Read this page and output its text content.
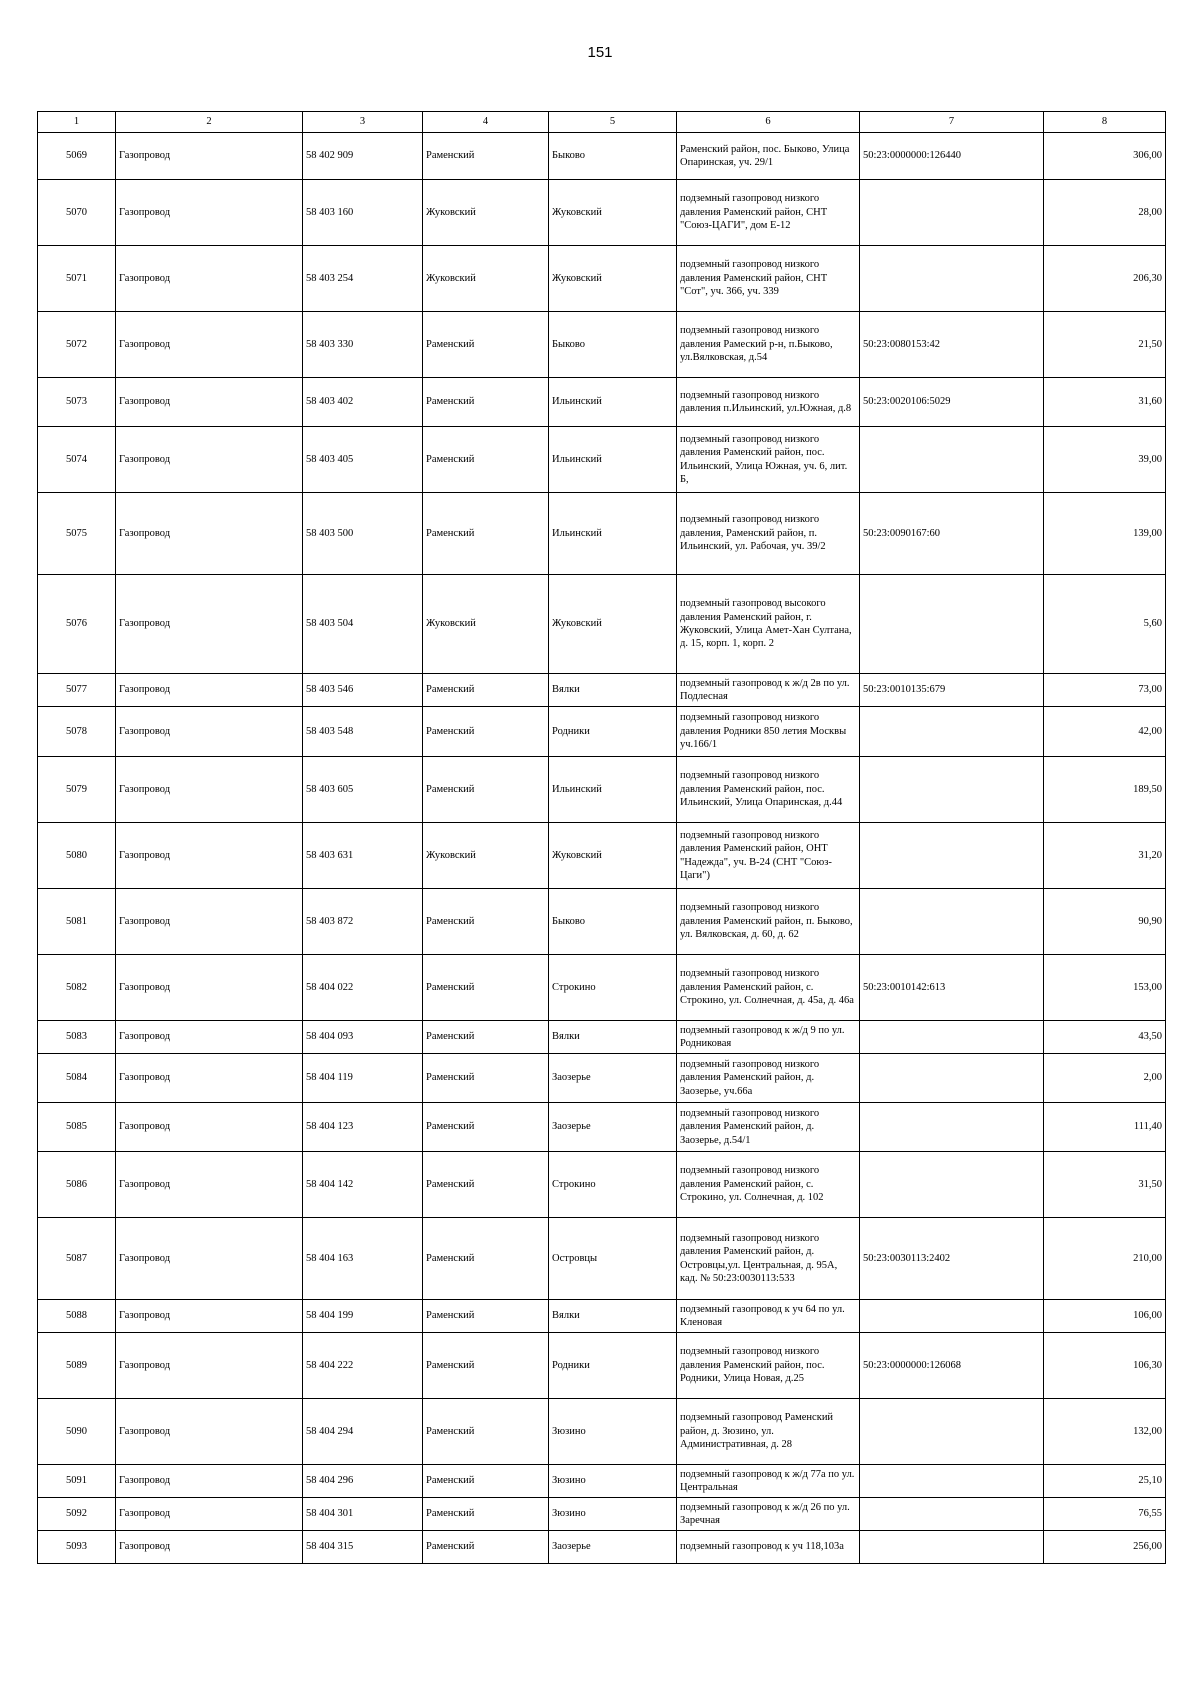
151
1	2	3	4	5	6	7	8
5069	Газопровод	58 402 909	Раменский	Быково	Раменский район, пос. Быково, Улица Опаринская, уч. 29/1	50:23:0000000:126440	306,00
5070	Газопровод	58 403 160	Жуковский	Жуковский	подземный газопровод низкого давления Раменский район, СНТ "Союз-ЦАГИ", дом Е-12		28,00
5071	Газопровод	58 403 254	Жуковский	Жуковский	подземный газопровод низкого давления Раменский район, СНТ "Сот", уч. 366, уч. 339		206,30
5072	Газопровод	58 403 330	Раменский	Быково	подземный газопровод низкого давления Рамеский р-н, п.Быково, ул.Вялковская, д.54	50:23:0080153:42	21,50
5073	Газопровод	58 403 402	Раменский	Ильинский	подземный газопровод низкого давления п.Ильинский, ул.Южная, д.8	50:23:0020106:5029	31,60
5074	Газопровод	58 403 405	Раменский	Ильинский	подземный газопровод низкого давления Раменский район, пос. Ильинский, Улица Южная, уч. 6, лит. Б,		39,00
5075	Газопровод	58 403 500	Раменский	Ильинский	подземный газопровод низкого давления, Раменский район, п. Ильинский, ул. Рабочая, уч. 39/2	50:23:0090167:60	139,00
5076	Газопровод	58 403 504	Жуковский	Жуковский	подземный газопровод высокого давления Раменский район, г. Жуковский, Улица Амет-Хан Султана, д. 15, корп. 1, корп. 2		5,60
5077	Газопровод	58 403 546	Раменский	Вялки	подземный газопровод к ж/д 2в по ул. Подлесная	50:23:0010135:679	73,00
5078	Газопровод	58 403 548	Раменский	Родники	подземный газопровод низкого давления Родники 850 летия Москвы уч.166/1		42,00
5079	Газопровод	58 403 605	Раменский	Ильинский	подземный газопровод низкого давления Раменский район, пос. Ильинский, Улица Опаринская, д.44		189,50
5080	Газопровод	58 403 631	Жуковский	Жуковский	подземный газопровод низкого давления Раменский район, ОНТ "Надежда", уч. В-24 (СНТ "Союз-Цаги")		31,20
5081	Газопровод	58 403 872	Раменский	Быково	подземный газопровод низкого давления Раменский район, п. Быково, ул. Вялковская, д. 60, д. 62		90,90
5082	Газопровод	58 404 022	Раменский	Строкино	подземный газопровод низкого давления Раменский район, с. Строкино, ул. Солнечная, д. 45а, д. 46а	50:23:0010142:613	153,00
5083	Газопровод	58 404 093	Раменский	Вялки	подземный газопровод к ж/д 9 по ул. Родниковая		43,50
5084	Газопровод	58 404 119	Раменский	Заозерье	подземный газопровод низкого давления Раменский район, д. Заозерье, уч.66а		2,00
5085	Газопровод	58 404 123	Раменский	Заозерье	подземный газопровод низкого давления Раменский район, д. Заозерье, д.54/1		111,40
5086	Газопровод	58 404 142	Раменский	Строкино	подземный газопровод низкого давления Раменский район, с. Строкино, ул. Солнечная, д. 102		31,50
5087	Газопровод	58 404 163	Раменский	Островцы	подземный газопровод низкого давления Раменский район, д. Островцы,ул. Центральная, д. 95А, кад. № 50:23:0030113:533	50:23:0030113:2402	210,00
5088	Газопровод	58 404 199	Раменский	Вялки	подземный газопровод к уч 64 по ул. Кленовая		106,00
5089	Газопровод	58 404 222	Раменский	Родники	подземный газопровод низкого давления Раменский район, пос. Родники, Улица Новая, д.25	50:23:0000000:126068	106,30
5090	Газопровод	58 404 294	Раменский	Зюзино	подземный газопровод Раменский район, д. Зюзино, ул. Административная, д. 28		132,00
5091	Газопровод	58 404 296	Раменский	Зюзино	подземный газопровод к ж/д 77а по ул. Центральная		25,10
5092	Газопровод	58 404 301	Раменский	Зюзино	подземный газопровод к ж/д 26 по ул. Заречная		76,55
5093	Газопровод	58 404 315	Раменский	Заозерье	подземный газопровод к уч 118,103а		256,00
